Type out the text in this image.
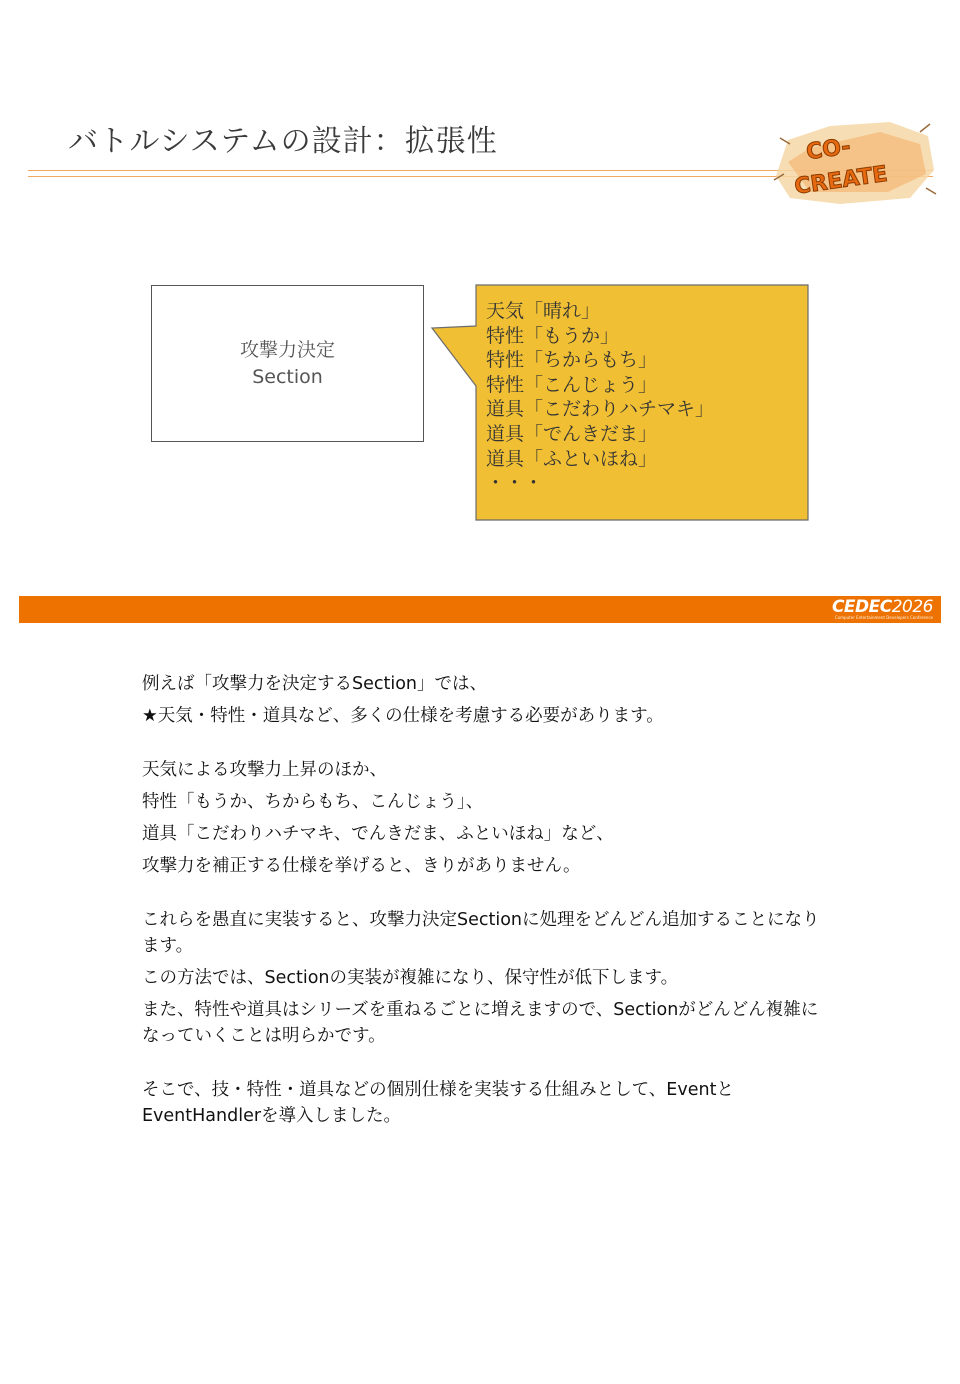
バトルシステムの設計：拡張性	CO-
CREATE
攻撃力決定
Section
天気「晴れ」
特性「もうか」
特性「ちからもち」
特性「こんじょう」
道具「こだわりハチマキ」
道具「でんきだま」
道具「ふといほね」
・・・
CEDEC2026
Computer Entertainment Developers Conference

例えば「攻撃力を決定するSection」では、

★天気・特性・道具など、多くの仕様を考慮する必要があります。

天気による攻撃力上昇のほか、

特性「もうか、ちからもち、こんじょう」、

道具「こだわりハチマキ、でんきだま、ふといほね」など、

攻撃力を補正する仕様を挙げると、きりがありません。

これらを愚直に実装すると、攻撃力決定Sectionに処理をどんどん追加することになります。

この方法では、Sectionの実装が複雑になり、保守性が低下します。

また、特性や道具はシリーズを重ねるごとに増えますので、Sectionがどんどん複雑になっていくことは明らかです。

そこで、技・特性・道具などの個別仕様を実装する仕組みとして、EventとEventHandlerを導入しました。
